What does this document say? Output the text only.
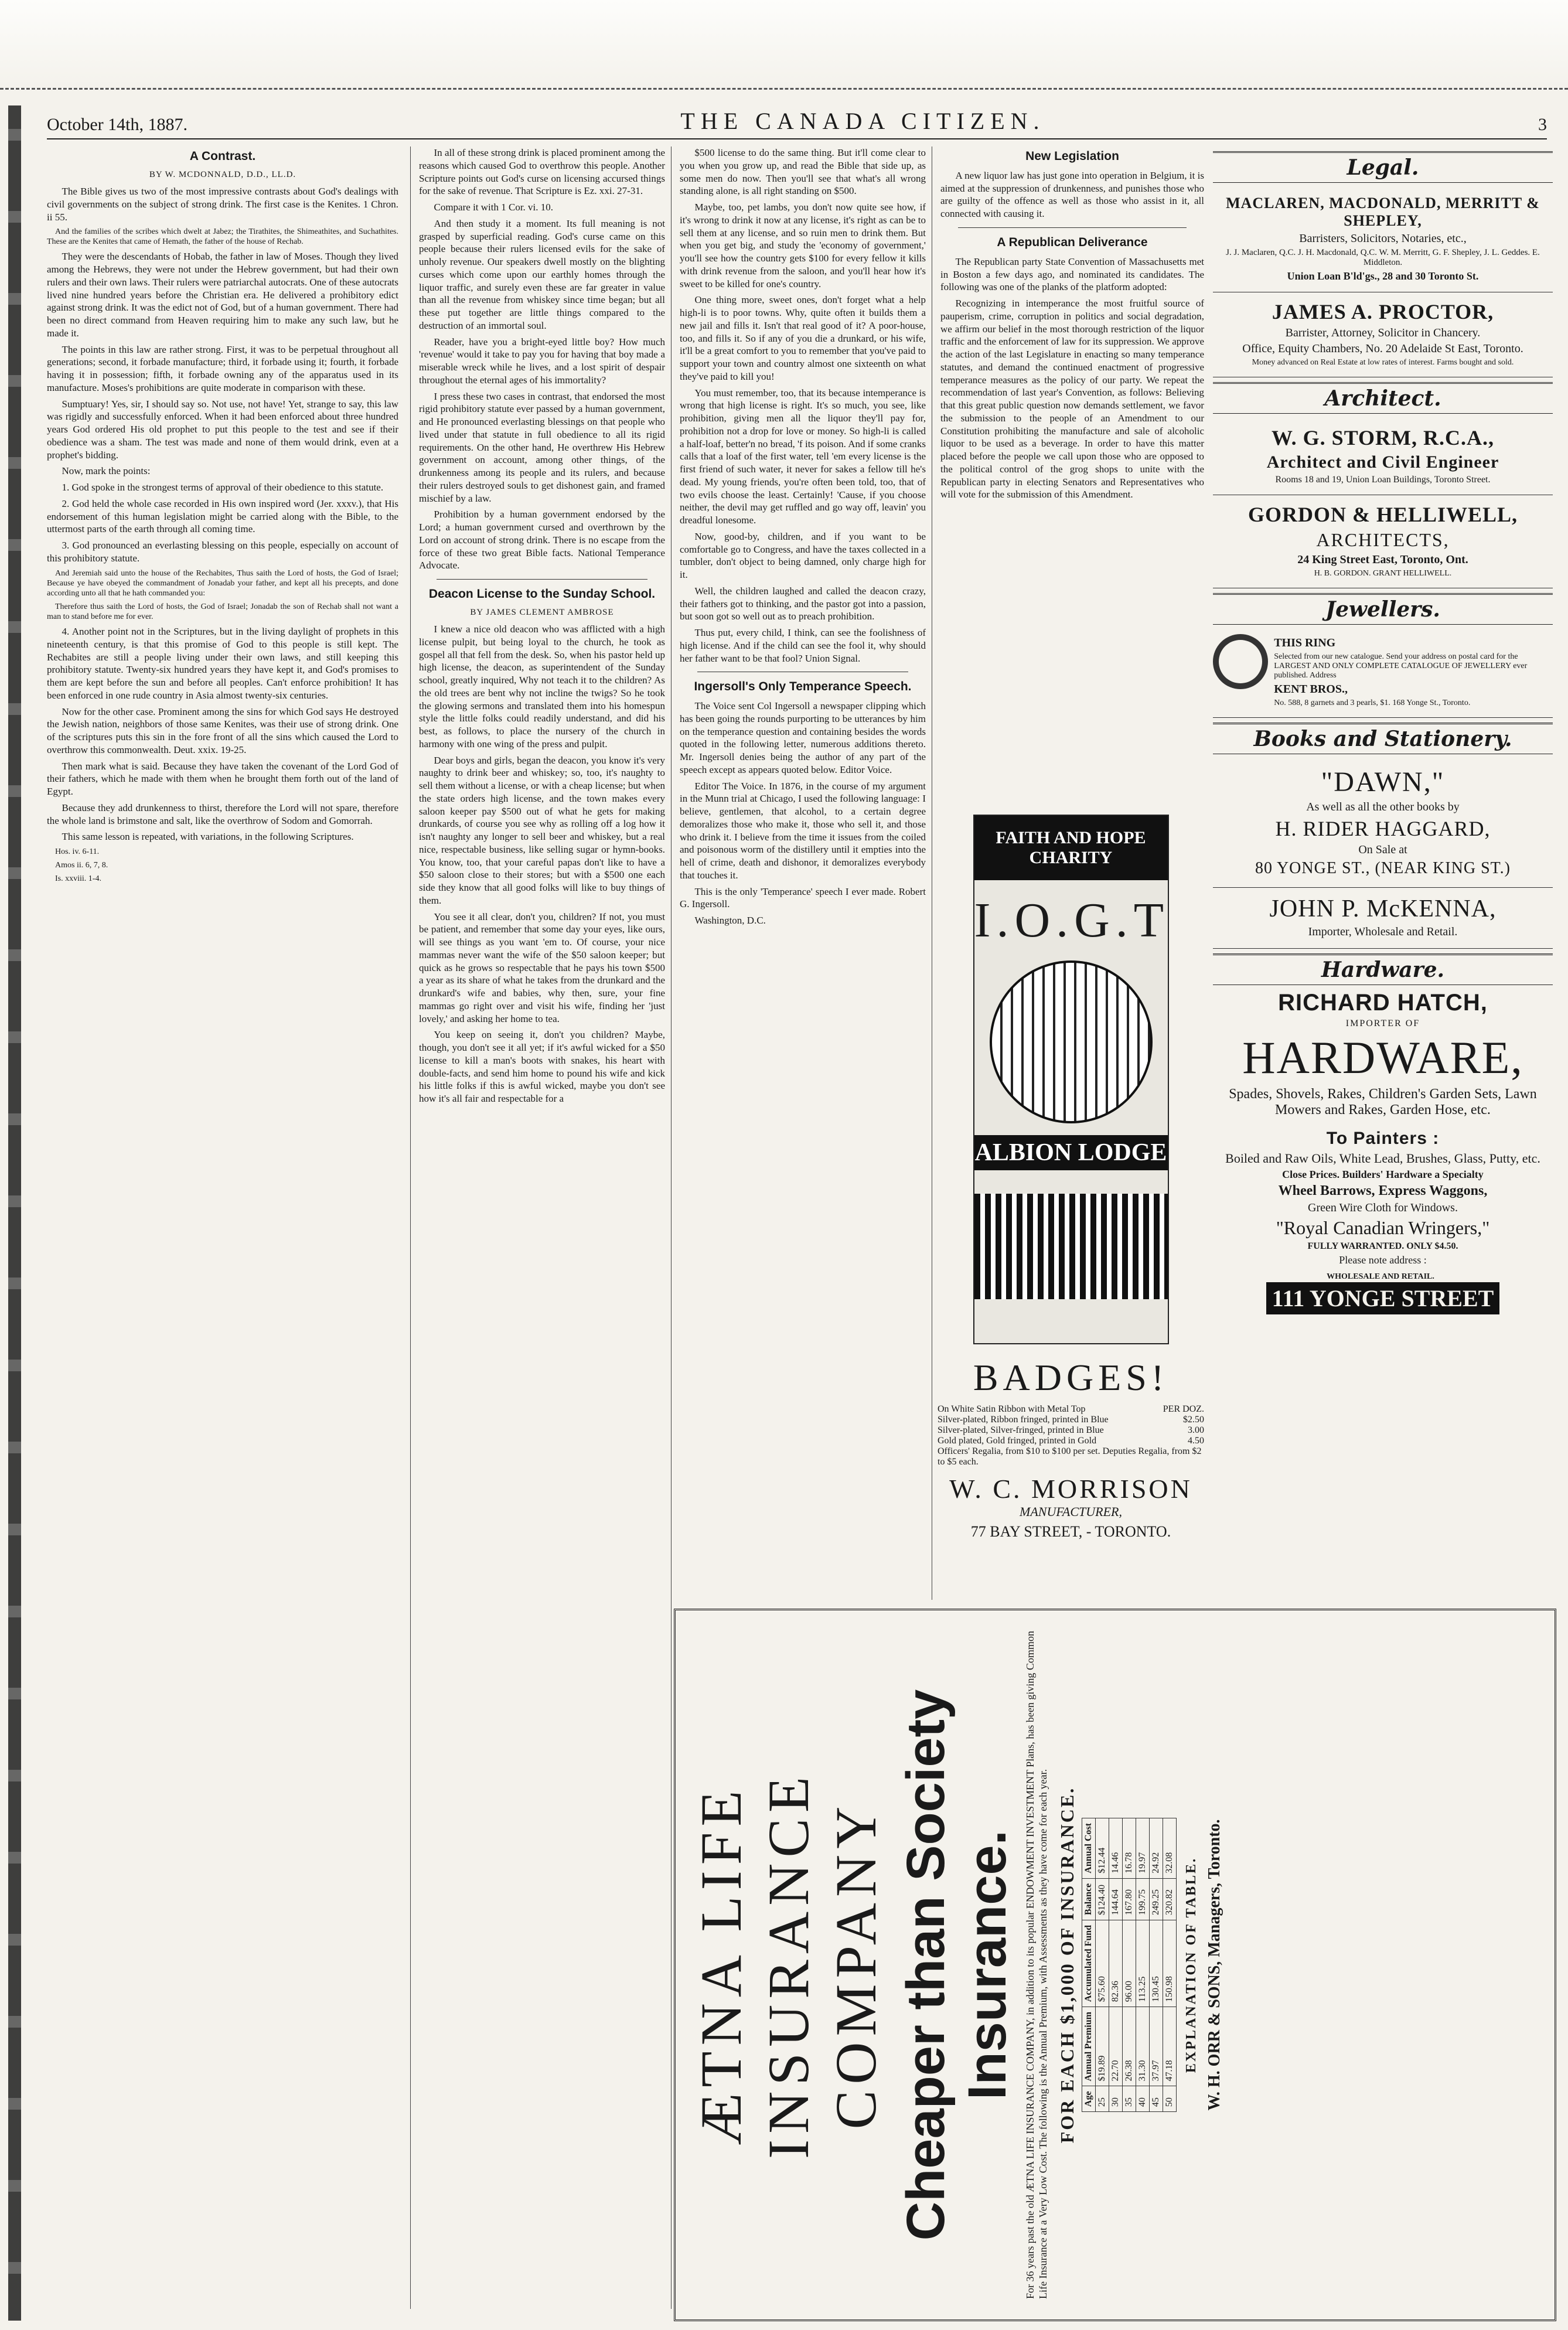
October 14th, 1887.	THE CANADA CITIZEN.	3
A Contrast.
BY W. MCDONNALD, D.D., LL.D.

The Bible gives us two of the most impressive contrasts about God's dealings with civil governments on the subject of strong drink. The first case is the Kenites. 1 Chron. ii 55.

And the families of the scribes which dwelt at Jabez; the Tirathites, the Shimeathites, and Suchathites. These are the Kenites that came of Hemath, the father of the house of Rechab.

They were the descendants of Hobab, the father in law of Moses. Though they lived among the Hebrews, they were not under the Hebrew government, but had their own rulers and their own laws. Their rulers were patriarchal autocrats. One of these autocrats lived nine hundred years before the Christian era. He delivered a prohibitory edict against strong drink. It was the edict not of God, but of a human government. There had been no direct command from Heaven requiring him to make any such law, but he made it.

The points in this law are rather strong. First, it was to be perpetual throughout all generations; second, it forbade manufacture; third, it forbade using it; fourth, it forbade having it in possession; fifth, it forbade owning any of the apparatus used in its manufacture. Moses's prohibitions are quite moderate in comparison with these.

Sumptuary! Yes, sir, I should say so. Not use, not have! Yet, strange to say, this law was rigidly and successfully enforced. When it had been enforced about three hundred years God ordered His old prophet to put this people to the test and see if their obedience was a sham. The test was made and none of them would drink, even at a prophet's bidding.

Now, mark the points:

1. God spoke in the strongest terms of approval of their obedience to this statute.

2. God held the whole case recorded in His own inspired word (Jer. xxxv.), that His endorsement of this human legislation might be carried along with the Bible, to the uttermost parts of the earth through all coming time.

3. God pronounced an everlasting blessing on this people, especially on account of this prohibitory statute.

And Jeremiah said unto the house of the Rechabites, Thus saith the Lord of hosts, the God of Israel; Because ye have obeyed the commandment of Jonadab your father, and kept all his precepts, and done according unto all that he hath commanded you:

Therefore thus saith the Lord of hosts, the God of Israel; Jonadab the son of Rechab shall not want a man to stand before me for ever.

4. Another point not in the Scriptures, but in the living daylight of prophets in this nineteenth century, is that this promise of God to this people is still kept. The Rechabites are still a people living under their own laws, and still keeping this prohibitory statute. Twenty-six hundred years they have kept it, and God's promises to them are kept before the sun and before all peoples. Can't enforce prohibition! It has been enforced in one rude country in Asia almost twenty-six centuries.

Now for the other case. Prominent among the sins for which God says He destroyed the Jewish nation, neighbors of those same Kenites, was their use of strong drink. One of the scriptures puts this sin in the fore front of all the sins which caused the Lord to overthrow this commonwealth. Deut. xxix. 19-25.

Then mark what is said. Because they have taken the covenant of the Lord God of their fathers, which he made with them when he brought them forth out of the land of Egypt.

Because they add drunkenness to thirst, therefore the Lord will not spare, therefore the whole land is brimstone and salt, like the overthrow of Sodom and Gomorrah.

This same lesson is repeated, with variations, in the following Scriptures.

Hos. iv. 6-11.

Amos ii. 6, 7, 8.

Is. xxviii. 1-4.

In all of these strong drink is placed prominent among the reasons which caused God to overthrow this people. Another Scripture points out God's curse on licensing accursed things for the sake of revenue. That Scripture is Ez. xxi. 27-31.

Compare it with 1 Cor. vi. 10.

And then study it a moment. Its full meaning is not grasped by superficial reading. God's curse came on this people because their rulers licensed evils for the sake of unholy revenue. Our speakers dwell mostly on the blighting curses which come upon our earthly homes through the liquor traffic, and surely even these are far greater in value than all the revenue from whiskey since time began; but all these put together are little things compared to the destruction of an immortal soul.

Reader, have you a bright-eyed little boy? How much 'revenue' would it take to pay you for having that boy made a miserable wreck while he lives, and a lost spirit of despair throughout the eternal ages of his immortality?

I press these two cases in contrast, that endorsed the most rigid prohibitory statute ever passed by a human government, and He pronounced everlasting blessings on that people who lived under that statute in full obedience to all its rigid requirements. On the other hand, He overthrew His Hebrew government on account, among other things, of the drunkenness among its people and its rulers, and because their rulers destroyed souls to get dishonest gain, and framed mischief by a law.

Prohibition by a human government endorsed by the Lord; a human government cursed and overthrown by the Lord on account of strong drink. There is no escape from the force of these two great Bible facts. National Temperance Advocate.

Deacon License to the Sunday School.
BY JAMES CLEMENT AMBROSE

I knew a nice old deacon who was afflicted with a high license pulpit, but being loyal to the church, he took as gospel all that fell from the desk. So, when his pastor held up high license, the deacon, as superintendent of the Sunday school, greatly inquired, Why not teach it to the children? As the old trees are bent why not incline the twigs? So he took the glowing sermons and translated them into his homespun style the little folks could readily understand, and did his best, as follows, to place the nursery of the church in harmony with one wing of the press and pulpit.

Dear boys and girls, began the deacon, you know it's very naughty to drink beer and whiskey; so, too, it's naughty to sell them without a license, or with a cheap license; but when the state orders high license, and the town makes every saloon keeper pay $500 out of what he gets for making drunkards, of course you see why as rolling off a log how it isn't naughty any longer to sell beer and whiskey, but a real nice, respectable business, like selling sugar or hymn-books. You know, too, that your careful papas don't like to have a $50 saloon close to their stores; but with a $500 one each side they know that all good folks will like to buy things of them.

You see it all clear, don't you, children? If not, you must be patient, and remember that some day your eyes, like ours, will see things as you want 'em to. Of course, your nice mammas never want the wife of the $50 saloon keeper; but quick as he grows so respectable that he pays his town $500 a year as its share of what he takes from the drunkard and the drunkard's wife and babies, why then, sure, your fine mammas go right over and visit his wife, finding her 'just lovely,' and asking her home to tea.

You keep on seeing it, don't you children? Maybe, though, you don't see it all yet; if it's awful wicked for a $50 license to kill a man's boots with snakes, his heart with double-facts, and send him home to pound his wife and kick his little folks if this is awful wicked, maybe you don't see how it's all fair and respectable for a

$500 license to do the same thing. But it'll come clear to you when you grow up, and read the Bible that side up, as some men do now. Then you'll see that what's all wrong standing alone, is all right standing on $500.

Maybe, too, pet lambs, you don't now quite see how, if it's wrong to drink it now at any license, it's right as can be to sell them at any license, and so ruin men to drink them. But when you get big, and study the 'economy of government,' you'll see how the country gets $100 for every fellow it kills with drink revenue from the saloon, and you'll hear how it's sweet to be killed for one's country.

One thing more, sweet ones, don't forget what a help high-li is to poor towns. Why, quite often it builds them a new jail and fills it. Isn't that real good of it? A poor-house, too, and fills it. So if any of you die a drunkard, or his wife, it'll be a great comfort to you to remember that you've paid to support your town and country almost one sixteenth on what they've paid to kill you!

You must remember, too, that its because intemperance is wrong that high license is right. It's so much, you see, like prohibition, giving men all the liquor they'll pay for, prohibition not a drop for love or money. So high-li is called a half-loaf, better'n no bread, 'f its poison. And if some cranks calls that a loaf of the first water, tell 'em every license is the first friend of such water, it never for sakes a fellow till he's dead. My young friends, you're often been told, too, that of two evils choose the least. Certainly! 'Cause, if you choose neither, the devil may get ruffled and go way off, leavin' you dreadful lonesome.

Now, good-by, children, and if you want to be comfortable go to Congress, and have the taxes collected in a tumbler, don't object to being damned, only charge high for it.

Well, the children laughed and called the deacon crazy, their fathers got to thinking, and the pastor got into a passion, but soon got so well out as to preach prohibition.

Thus put, every child, I think, can see the foolishness of high license. And if the child can see the fool it, why should her father want to be that fool? Union Signal.

Ingersoll's Only Temperance Speech.

The Voice sent Col Ingersoll a newspaper clipping which has been going the rounds purporting to be utterances by him on the temperance question and containing besides the words quoted in the following letter, numerous additions thereto. Mr. Ingersoll denies being the author of any part of the speech except as appears quoted below. Editor Voice.

Editor The Voice. In 1876, in the course of my argument in the Munn trial at Chicago, I used the following language: I believe, gentlemen, that alcohol, to a certain degree demoralizes those who make it, those who sell it, and those who drink it. I believe from the time it issues from the coiled and poisonous worm of the distillery until it empties into the hell of crime, death and dishonor, it demoralizes everybody that touches it.

This is the only 'Temperance' speech I ever made. Robert G. Ingersoll.

Washington, D.C.

New Legislation

A new liquor law has just gone into operation in Belgium, it is aimed at the suppression of drunkenness, and punishes those who are guilty of the offence as well as those who assist in it, all connected with causing it.

A Republican Deliverance

The Republican party State Convention of Massachusetts met in Boston a few days ago, and nominated its candidates. The following was one of the planks of the platform adopted:

Recognizing in intemperance the most fruitful source of pauperism, crime, corruption in politics and social degradation, we affirm our belief in the most thorough restriction of the liquor traffic and the enforcement of law for its suppression. We approve the action of the last Legislature in enacting so many temperance statutes, and demand the continued enactment of progressive temperance measures as the policy of our party. We repeat the recommendation of last year's Convention, as follows: Believing that this great public question now demands settlement, we favor the submission to the people of an Amendment to our Constitution prohibiting the manufacture and sale of alcoholic liquor to be used as a beverage. In order to have this matter placed before the people we call upon those who are opposed to the political control of the grog shops to unite with the Republican party in electing Senators and Representatives who will vote for the submission of this Amendment.

FAITH AND HOPE CHARITY
I.O.G.T
ALBION LODGE
BADGES!
On White Satin Ribbon with Metal Top	PER DOZ.
Silver-plated, Ribbon fringed, printed in Blue	$2.50
Silver-plated, Silver-fringed, printed in Blue	3.00
Gold plated, Gold fringed, printed in Gold	4.50
Officers' Regalia, from $10 to $100 per set. Deputies Regalia, from $2 to $5 each.
W. C. MORRISON
MANUFACTURER,
77 BAY STREET, - TORONTO.
Legal.

MACLAREN, MACDONALD, MERRITT & SHEPLEY,

Barristers, Solicitors, Notaries, etc.,

J. J. Maclaren, Q.C. J. H. Macdonald, Q.C. W. M. Merritt, G. F. Shepley, J. L. Geddes. E. Middleton.

Union Loan B'ld'gs., 28 and 30 Toronto St.

JAMES A. PROCTOR,

Barrister, Attorney, Solicitor in Chancery.

Office, Equity Chambers, No. 20 Adelaide St East, Toronto.

Money advanced on Real Estate at low rates of interest. Farms bought and sold.

Architect.

W. G. STORM, R.C.A.,

Architect and Civil Engineer

Rooms 18 and 19, Union Loan Buildings, Toronto Street.

GORDON & HELLIWELL,

ARCHITECTS,

24 King Street East, Toronto, Ont.

H. B. GORDON. GRANT HELLIWELL.

Jewellers.

THIS RING

Selected from our new catalogue. Send your address on postal card for the LARGEST AND ONLY COMPLETE CATALOGUE OF JEWELLERY ever published. Address

KENT BROS.,

No. 588, 8 garnets and 3 pearls, $1. 168 Yonge St., Toronto.

Books and Stationery.

"DAWN,"

As well as all the other books by

H. RIDER HAGGARD,

On Sale at

80 YONGE ST., (NEAR KING ST.)

JOHN P. McKENNA,

Importer, Wholesale and Retail.

Hardware.

RICHARD HATCH,

IMPORTER OF

HARDWARE,

Spades, Shovels, Rakes, Children's Garden Sets, Lawn Mowers and Rakes, Garden Hose, etc.

To Painters :

Boiled and Raw Oils, White Lead, Brushes, Glass, Putty, etc.

Close Prices. Builders' Hardware a Specialty

Wheel Barrows, Express Waggons,

Green Wire Cloth for Windows.

"Royal Canadian Wringers,"

FULLY WARRANTED. ONLY $4.50.

Please note address :

WHOLESALE AND RETAIL.111 YONGE STREET

ÆTNA LIFE INSURANCE COMPANY Cheaper than Society Insurance. For 36 years past the old ÆTNA LIFE INSURANCE COMPANY, in addition to its popular ENDOWMENT INVESTMENT Plans, has been giving Common Life Insurance at a Very Low Cost. The following is the Annual Premium, with Assessments as they have come for each year. FOR EACH $1,000 OF INSURANCE. Age	Annual Premium	Accumulated Fund	Balance	Annual Cost
25	$19.89	$75.60	$124.40	$12.44
30	22.70	82.36	144.64	14.46
35	26.38	96.00	167.80	16.78
40	31.30	113.25	199.75	19.97
45	37.97	130.45	249.25	24.92
50	47.18	150.98	320.82	32.08 EXPLANATION OF TABLE. W. H. ORR & SONS, Managers, Toronto.
